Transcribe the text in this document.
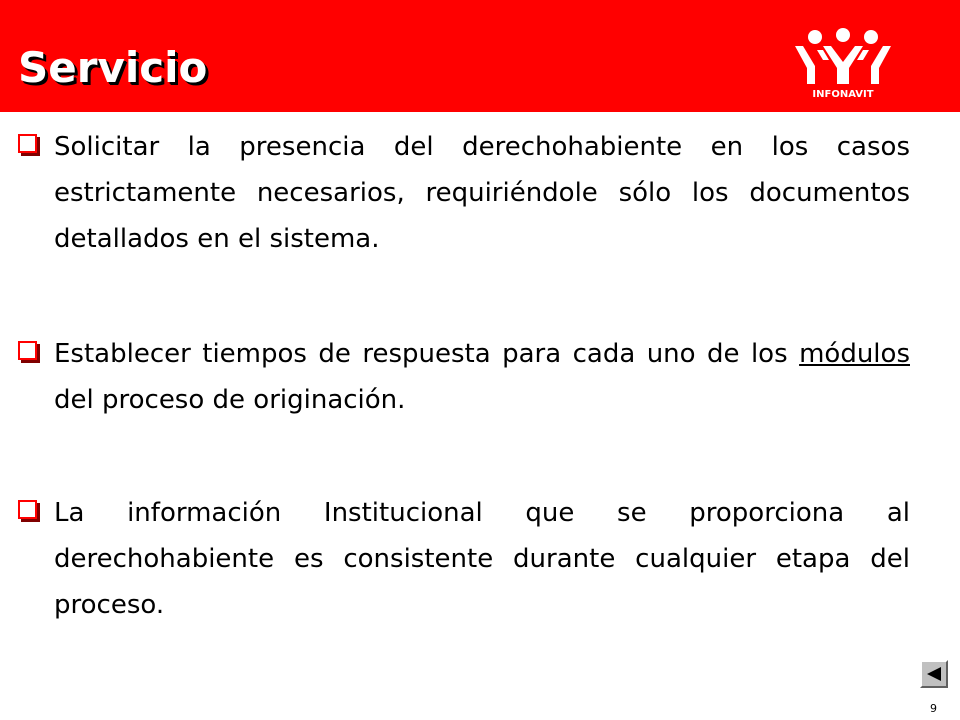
Servicio
INFONAVIT
Solicitar la presencia del derechohabiente en los casos estrictamente necesarios, requiriéndole sólo los documentos detallados en el sistema.
Establecer tiempos de respuesta para cada uno de los módulos del proceso de originación.
La información Institucional que se proporciona al derechohabiente es consistente durante cualquier etapa del proceso.
9
